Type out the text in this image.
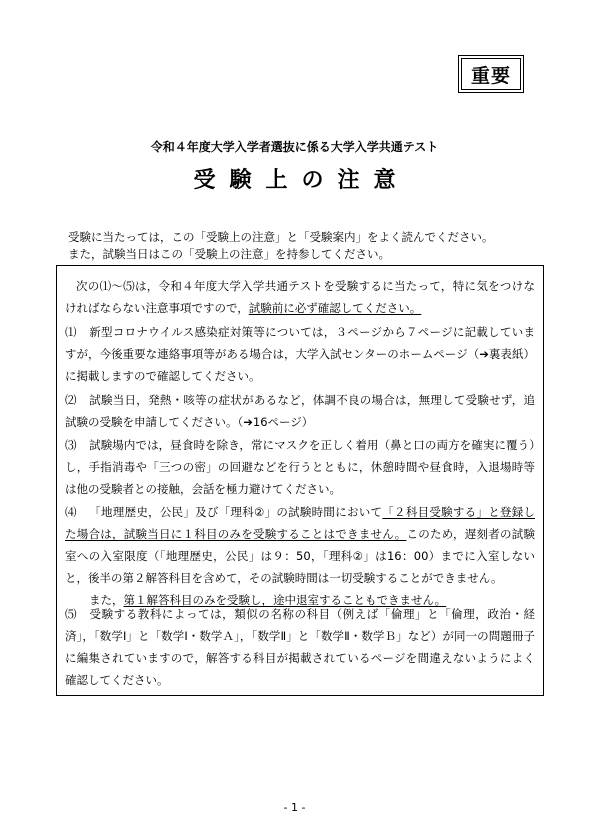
重要
令和４年度大学入学者選抜に係る大学入学共通テスト
受験上の注意
受験に当たっては，この「受験上の注意」と「受験案内」をよく読んでください。
また，試験当日はこの「受験上の注意」を持参してください。
次の⑴〜⑸は，令和４年度大学入学共通テストを受験するに当たって，特に気をつけなければならない注意事項ですので，試験前に必ず確認してください。
⑴ 新型コロナウイルス感染症対策等については，３ページから７ページに記載していますが，今後重要な連絡事項等がある場合は，大学入試センターのホームページ（➔裏表紙）に掲載しますので確認してください。
⑵ 試験当日，発熱・咳等の症状があるなど，体調不良の場合は，無理して受験せず，追試験の受験を申請してください。（➔16ページ）
⑶ 試験場内では，昼食時を除き，常にマスクを正しく着用（鼻と口の両方を確実に覆う）し，手指消毒や「三つの密」の回避などを行うとともに，休憩時間や昼食時，入退場時等は他の受験者との接触，会話を極力避けてください。
⑷ 「地理歴史，公民」及び「理科②」の試験時間において「２科目受験する」と登録した場合は，試験当日に１科目のみを受験することはできません。このため，遅刻者の試験室への入室限度（「地理歴史，公民」は９：50，「理科②」は16：00）までに入室しないと，後半の第２解答科目を含めて，その試験時間は一切受験することができません。
また，第１解答科目のみを受験し，途中退室することもできません。
⑸ 受験する教科によっては，類似の名称の科目（例えば「倫理」と「倫理，政治・経済」，「数学Ⅰ」と「数学Ⅰ・数学Ａ」，「数学Ⅱ」と「数学Ⅱ・数学Ｂ」など）が同一の問題冊子に編集されていますので，解答する科目が掲載されているページを間違えないようによく確認してください。
- 1 -
